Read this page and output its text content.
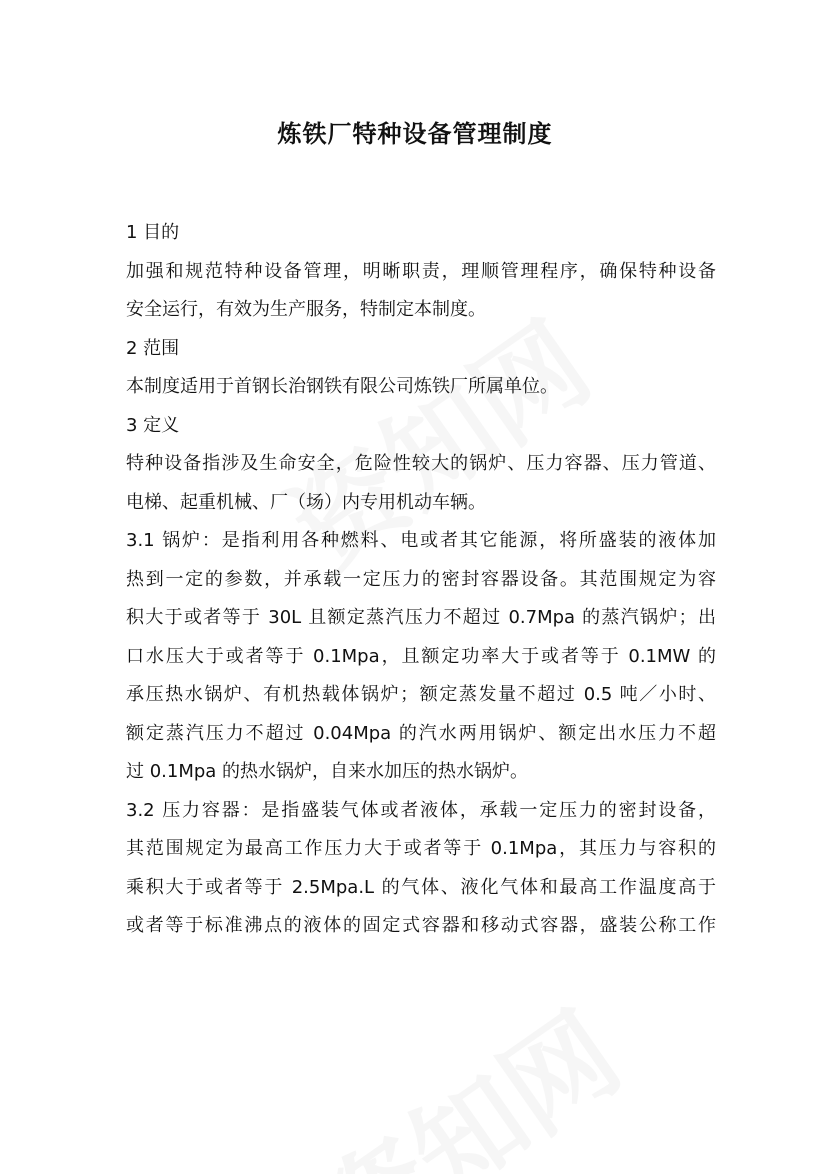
炼铁厂特种设备管理制度
1 目的
加强和规范特种设备管理，明晰职责，理顺管理程序，确保特种设备
安全运行，有效为生产服务，特制定本制度。
2 范围
本制度适用于首钢长治钢铁有限公司炼铁厂所属单位。
3 定义
特种设备指涉及生命安全，危险性较大的锅炉、压力容器、压力管道、
电梯、起重机械、厂（场）内专用机动车辆。
3.1 锅炉：是指利用各种燃料、电或者其它能源，将所盛装的液体加
热到一定的参数，并承载一定压力的密封容器设备。其范围规定为容
积大于或者等于 30L 且额定蒸汽压力不超过 0.7Mpa 的蒸汽锅炉；出
口水压大于或者等于 0.1Mpa，且额定功率大于或者等于 0.1MW 的
承压热水锅炉、有机热载体锅炉；额定蒸发量不超过 0.5 吨／小时、
额定蒸汽压力不超过 0.04Mpa 的汽水两用锅炉、额定出水压力不超
过 0.1Mpa 的热水锅炉，自来水加压的热水锅炉。
3.2 压力容器：是指盛装气体或者液体，承载一定压力的密封设备，
其范围规定为最高工作压力大于或者等于 0.1Mpa，其压力与容积的
乘积大于或者等于 2.5Mpa.L 的气体、液化气体和最高工作温度高于
或者等于标准沸点的液体的固定式容器和移动式容器，盛装公称工作
